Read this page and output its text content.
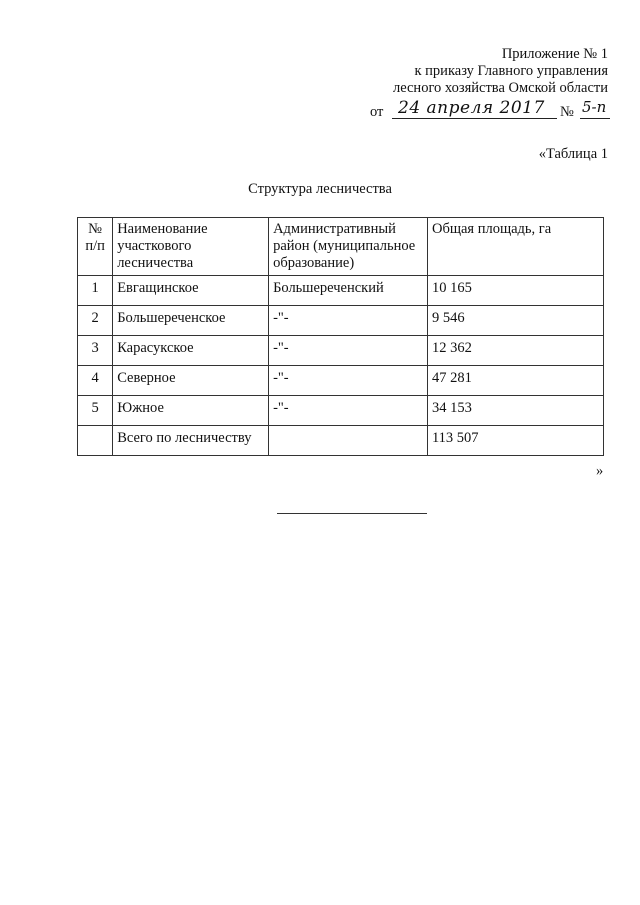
Приложение № 1
к приказу Главного управления
лесного хозяйства Омской области
от 24 апреля 2017 № 5-п
«Таблица 1
Структура лесничества
№ п/п	Наименование участкового лесничества	Административный район (муниципальное образование)	Общая площадь, га
1	Евгащинское	Большереченский	10 165
2	Большереченское	-"-	9 546
3	Карасукское	-"-	12 362
4	Северное	-"-	47 281
5	Южное	-"-	34 153
	Всего по лесничеству		113 507
»
